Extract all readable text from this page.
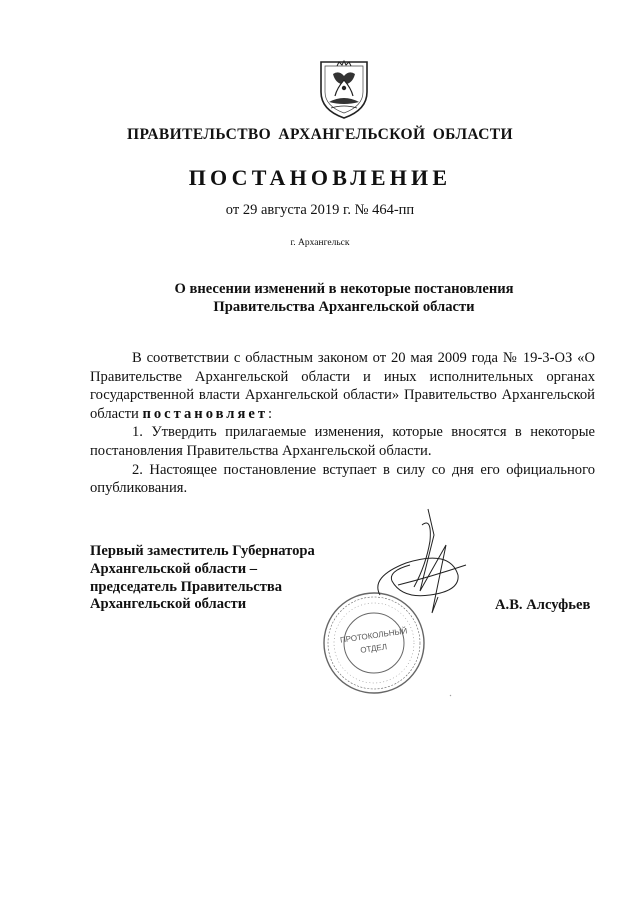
ПРАВИТЕЛЬСТВО АРХАНГЕЛЬСКОЙ ОБЛАСТИ
ПОСТАНОВЛЕНИЕ
от 29 августа 2019 г. № 464-пп
г. Архангельск
О внесении изменений в некоторые постановления
Правительства Архангельской области

В соответствии с областным законом от 20 мая 2009 года № 19-3-ОЗ «О Правительстве Архангельской области и иных исполнительных органах государственной власти Архангельской области» Правительство Архангельской области постановляет:

1. Утвердить прилагаемые изменения, которые вносятся в некоторые постановления Правительства Архангельской области.

2. Настоящее постановление вступает в силу со дня его официального опубликования.

Первый заместитель Губернатора
Архангельской области –
председатель Правительства
Архангельской области
ПРОТОКОЛЬНЫЙ
ОТДЕЛ
А.В. Алсуфьев
